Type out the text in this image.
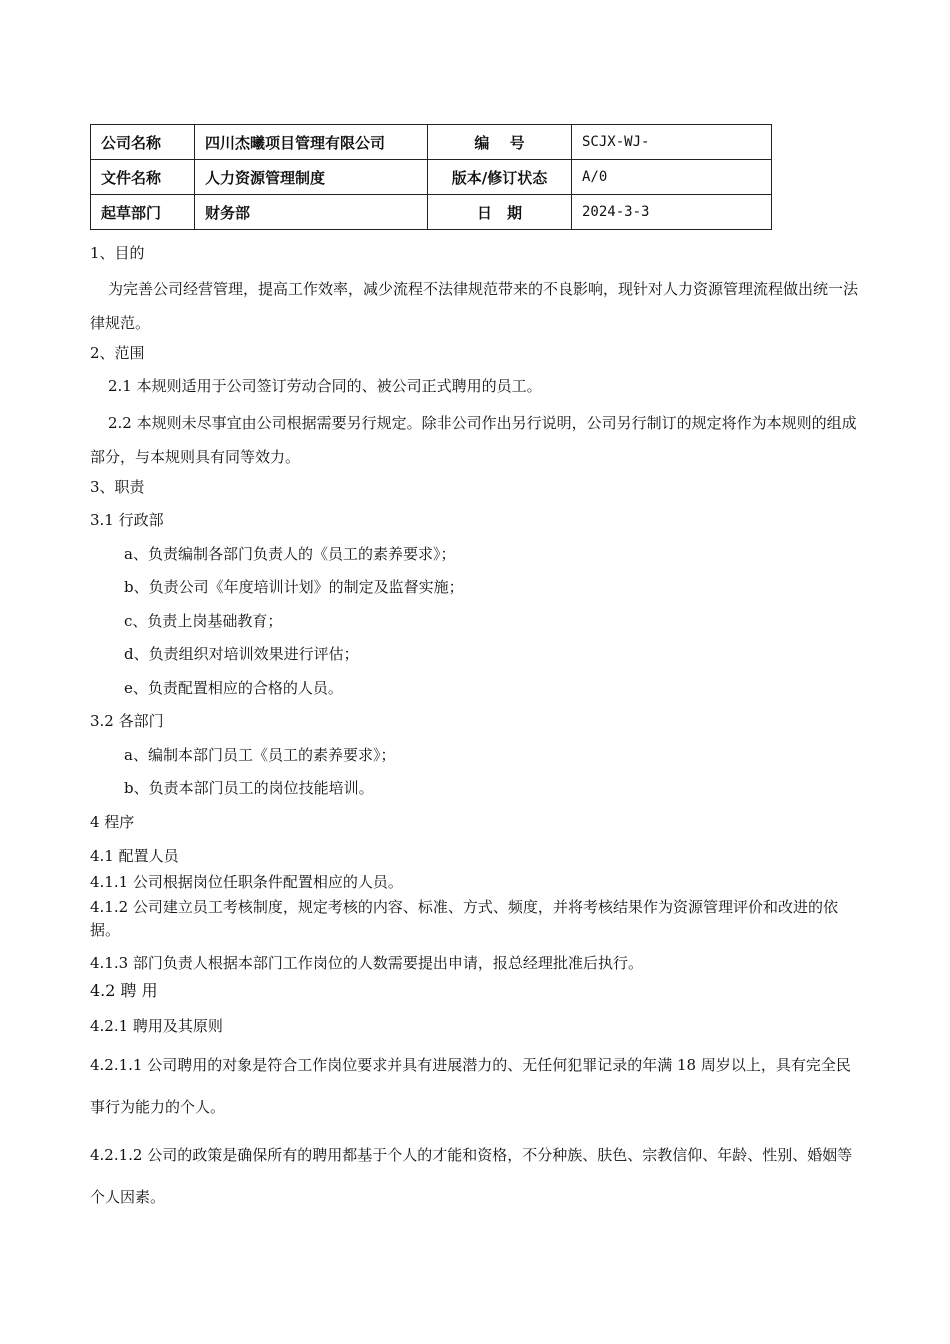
公司名称	四川杰曦项目管理有限公司	编　 号	SCJX-WJ-
文件名称	人力资源管理制度	版本/修订状态	A/0
起草部门	财务部	日　期	2024-3-3
1、目的
为完善公司经营管理，提高工作效率，减少流程不法律规范带来的不良影响，现针对人力资源管理流程做出统一法律规范。
2、范围
2.1 本规则适用于公司签订劳动合同的、被公司正式聘用的员工。
2.2 本规则未尽事宜由公司根据需要另行规定。除非公司作出另行说明，公司另行制订的规定将作为本规则的组成部分，与本规则具有同等效力。
3、职责
3.1 行政部
a、负责编制各部门负责人的《员工的素养要求》；
b、负责公司《年度培训计划》的制定及监督实施；
c、负责上岗基础教育；
d、负责组织对培训效果进行评估；
e、负责配置相应的合格的人员。
3.2 各部门
a、编制本部门员工《员工的素养要求》；
b、负责本部门员工的岗位技能培训。
4 程序
4.1 配置人员
4.1.1 公司根据岗位任职条件配置相应的人员。
4.1.2 公司建立员工考核制度，规定考核的内容、标准、方式、频度，并将考核结果作为资源管理评价和改进的依据。
4.1.3 部门负责人根据本部门工作岗位的人数需要提出申请，报总经理批准后执行。
4.2 聘 用
4.2.1 聘用及其原则
4.2.1.1 公司聘用的对象是符合工作岗位要求并具有进展潜力的、无任何犯罪记录的年满 18 周岁以上，具有完全民事行为能力的个人。
4.2.1.2 公司的政策是确保所有的聘用都基于个人的才能和资格，不分种族、肤色、宗教信仰、年龄、性别、婚姻等个人因素。
